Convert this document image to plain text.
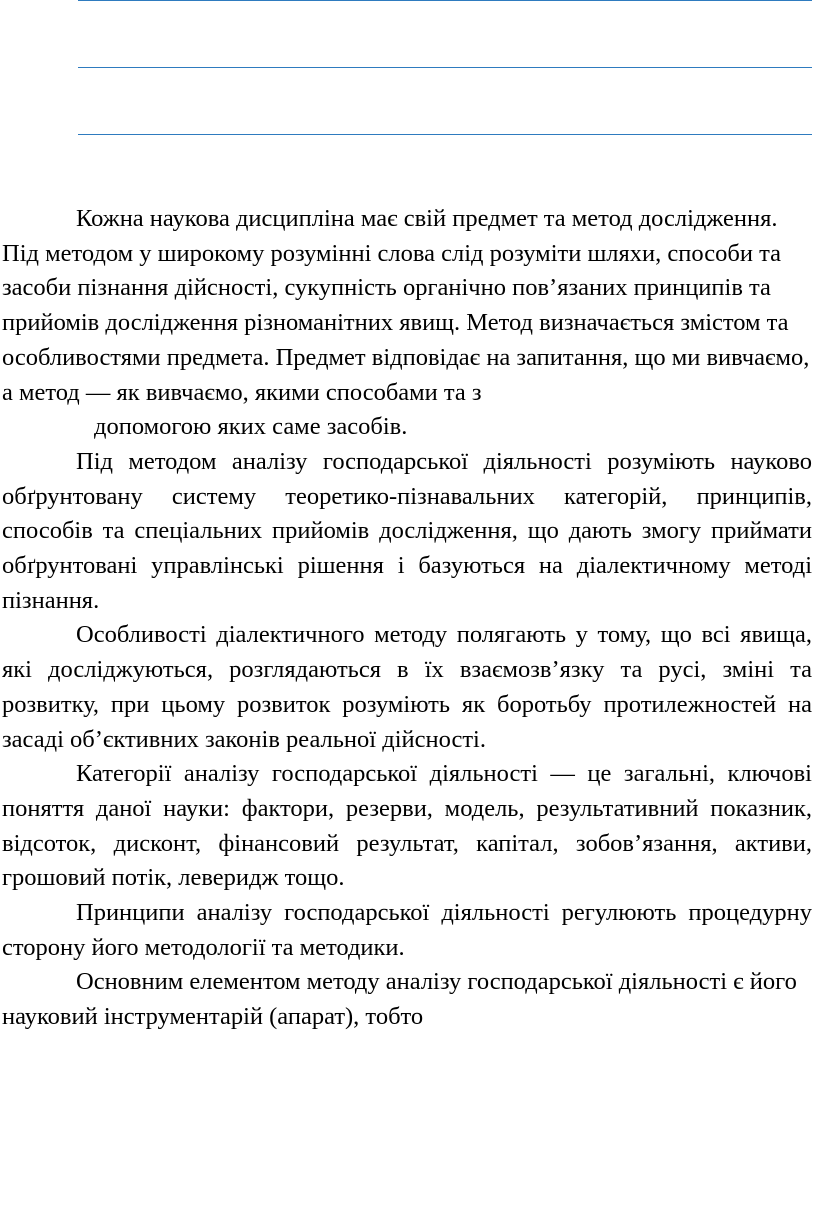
Кожна наукова дисципліна має свій предмет та метод дослідження. Під методом у широкому розумінні слова слід розуміти шляхи, способи та засоби пізнання дійсності, сукупність органічно пов’язаних принципів та прийомів дослідження різноманітних явищ. Метод визначається змістом та особливостями предмета. Предмет відповідає на запитання, що ми вивчаємо, а метод — як вивчаємо, якими способами та з

допомогою яких саме засобів.

Під методом аналізу господарської діяльності розуміють науково обґрунтовану систему теоретико-пізнавальних категорій, принципів, способів та спеціальних прийомів дослідження, що дають змогу приймати обґрунтовані управлінські рішення і базуються на діалектичному методі пізнання.

Особливості діалектичного методу полягають у тому, що всі явища, які досліджуються, розглядаються в їх взаємозв’язку та русі, зміні та розвитку, при цьому розвиток розуміють як боротьбу протилежностей на засаді об’єктивних законів реальної дійсності.

Категорії аналізу господарської діяльності — це загальні, ключові поняття даної науки: фактори, резерви, модель, результативний показник, відсоток, дисконт, фінансовий результат, капітал, зобов’язання, активи, грошовий потік, леверидж тощо.

Принципи аналізу господарської діяльності регулюють процедурну сторону його методології та методики.

Основним елементом методу аналізу господарської діяльності є його науковий інструментарій (апарат), тобто
